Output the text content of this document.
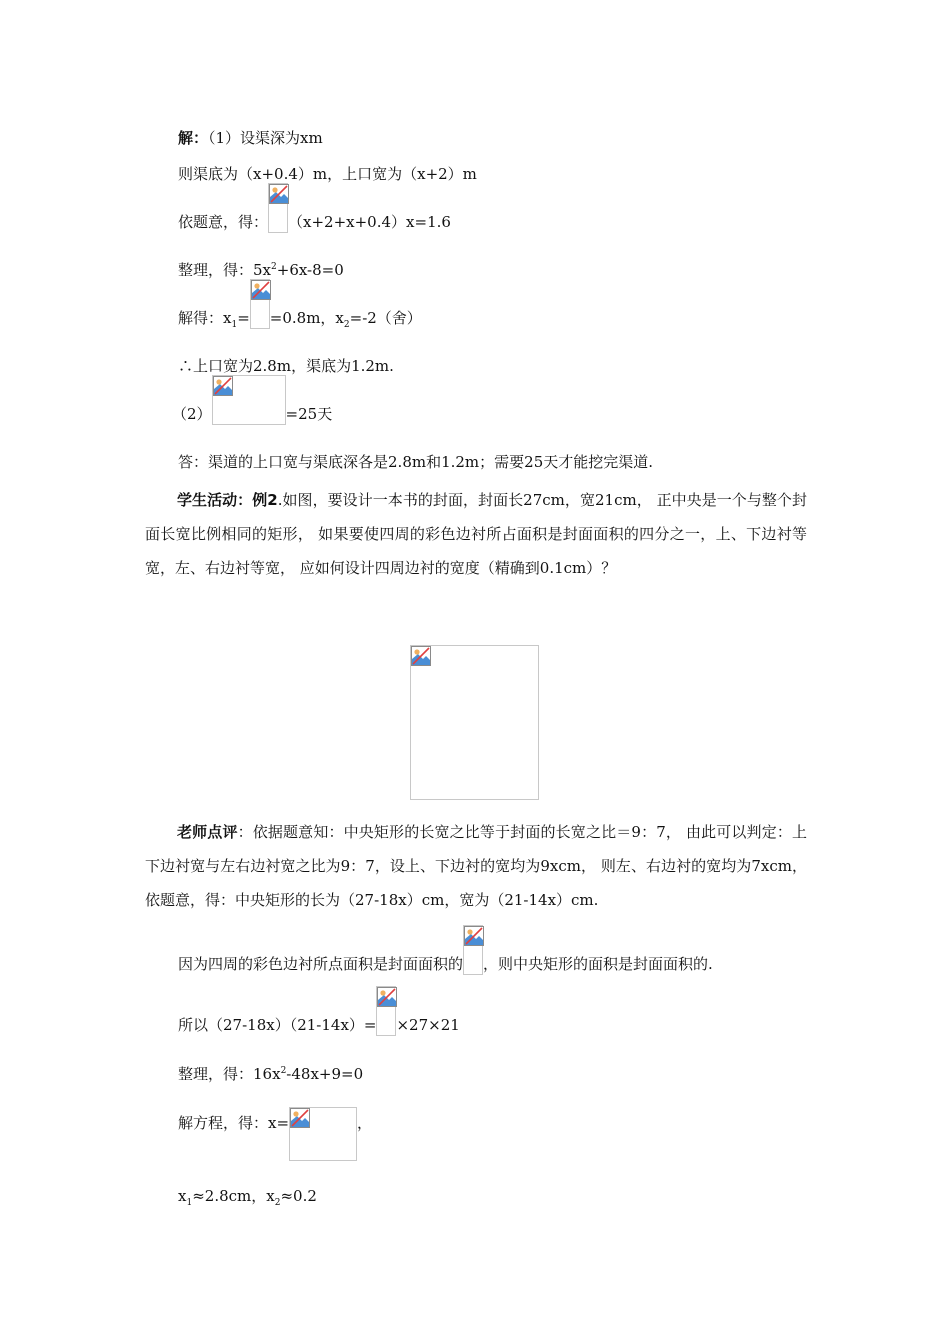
解：（1）设渠深为xm
则渠底为（x+0.4）m，上口宽为（x+2）m
依题意，得： （x+2+x+0.4）x=1.6
整理，得：$5x^2+6x-8=0$
解得：$x_1= =0.8m$，$x_2=-2$（舍）
∴上口宽为2.8m，渠底为1.2m.
（2）	=25天
答：渠道的上口宽与渠底深各是2.8m和1.2m；需要25天才能挖完渠道.
学生活动：例2.如图，要设计一本书的封面，封面长27cm，宽21cm， 正中央是一个与整个封面长宽比例相同的矩形， 如果要使四周的彩色边衬所占面积是封面面积的四分之一，上、下边衬等宽，左、右边衬等宽， 应如何设计四周边衬的宽度（精确到0.1cm）？
老师点评：依据题意知：中央矩形的长宽之比等于封面的长宽之比＝9：7， 由此可以判定：上下边衬宽与左右边衬宽之比为9：7，设上、下边衬的宽均为9xcm， 则左、右边衬的宽均为7xcm，依题意，得：中央矩形的长为（27-18x）cm，宽为（21-14x）cm.
因为四周的彩色边衬所点面积是封面面积的 ，则中央矩形的面积是封面面积的.
所以（27-18x）（21-14x）= ×27×21
整理，得：$16x^2-48x+9=0$
解方程，得：x=	，
$x_1\approx 2.8cm$，$x_2\approx 0.2$
